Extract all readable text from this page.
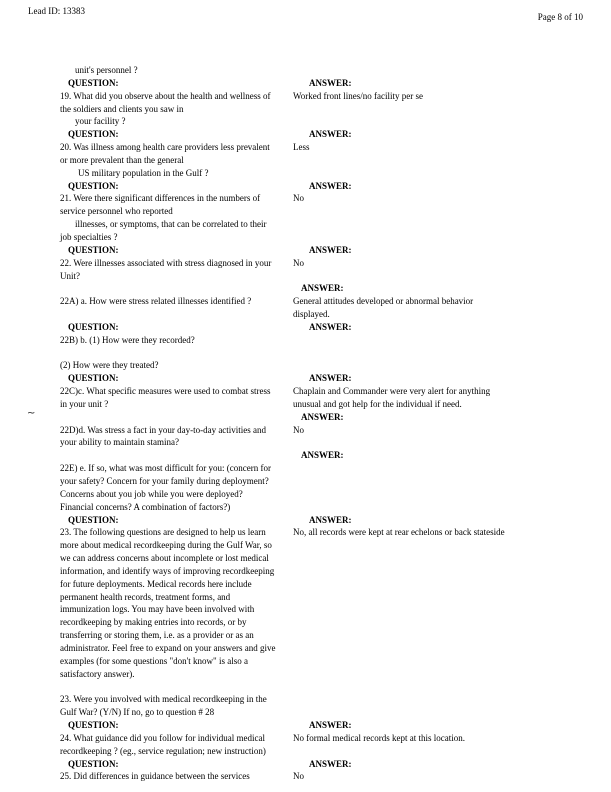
Lead ID: 13383
Page 8 of 10
unit's personnel ?
QUESTION:	ANSWER:
19. What did you observe about the health and wellness of	Worked front lines/no facility per se
the soldiers and clients you saw in
your facility ?
QUESTION:	ANSWER:
20. Was illness among health care providers less prevalent	Less
or more prevalent than the general
US military population in the Gulf ?
QUESTION:	ANSWER:
21. Were there significant differences in the numbers of	No
service personnel who reported
illnesses, or symptoms, that can be correlated to their
job specialties ?
QUESTION:	ANSWER:
22. Were illnesses associated with stress diagnosed in your	No
Unit?
ANSWER:
22A) a. How were stress related illnesses identified ?	General attitudes developed or abnormal behavior
displayed.
QUESTION:	ANSWER:
22B) b. (1) How were they recorded?
(2) How were they treated?
QUESTION:	ANSWER:
22C)c. What specific measures were used to combat stress	Chaplain and Commander were very alert for anything
in your unit ?	unusual and got help for the individual if need.
~	ANSWER:
22D)d. Was stress a fact in your day-to-day activities and	No
your ability to maintain stamina?
ANSWER:
22E) e. If so, what was most difficult for you: (concern for
your safety? Concern for your family during deployment?
Concerns about you job while you were deployed?
Financial concerns? A combination of factors?)
QUESTION:	ANSWER:
23. The following questions are designed to help us learn	No, all records were kept at rear echelons or back stateside
more about medical recordkeeping during the Gulf War, so
we can address concerns about incomplete or lost medical
information, and identify ways of improving recordkeeping
for future deployments. Medical records here include
permanent health records, treatment forms, and
immunization logs. You may have been involved with
recordkeeping by making entries into records, or by
transferring or storing them, i.e. as a provider or as an
administrator. Feel free to expand on your answers and give
examples (for some questions "don't know" is also a
satisfactory answer).
23. Were you involved with medical recordkeeping in the
Gulf War? (Y/N) If no, go to question # 28
QUESTION:	ANSWER:
24. What guidance did you follow for individual medical	No formal medical records kept at this location.
recordkeeping ? (eg., service regulation; new instruction)
QUESTION:	ANSWER:
25. Did differences in guidance between the services	No
